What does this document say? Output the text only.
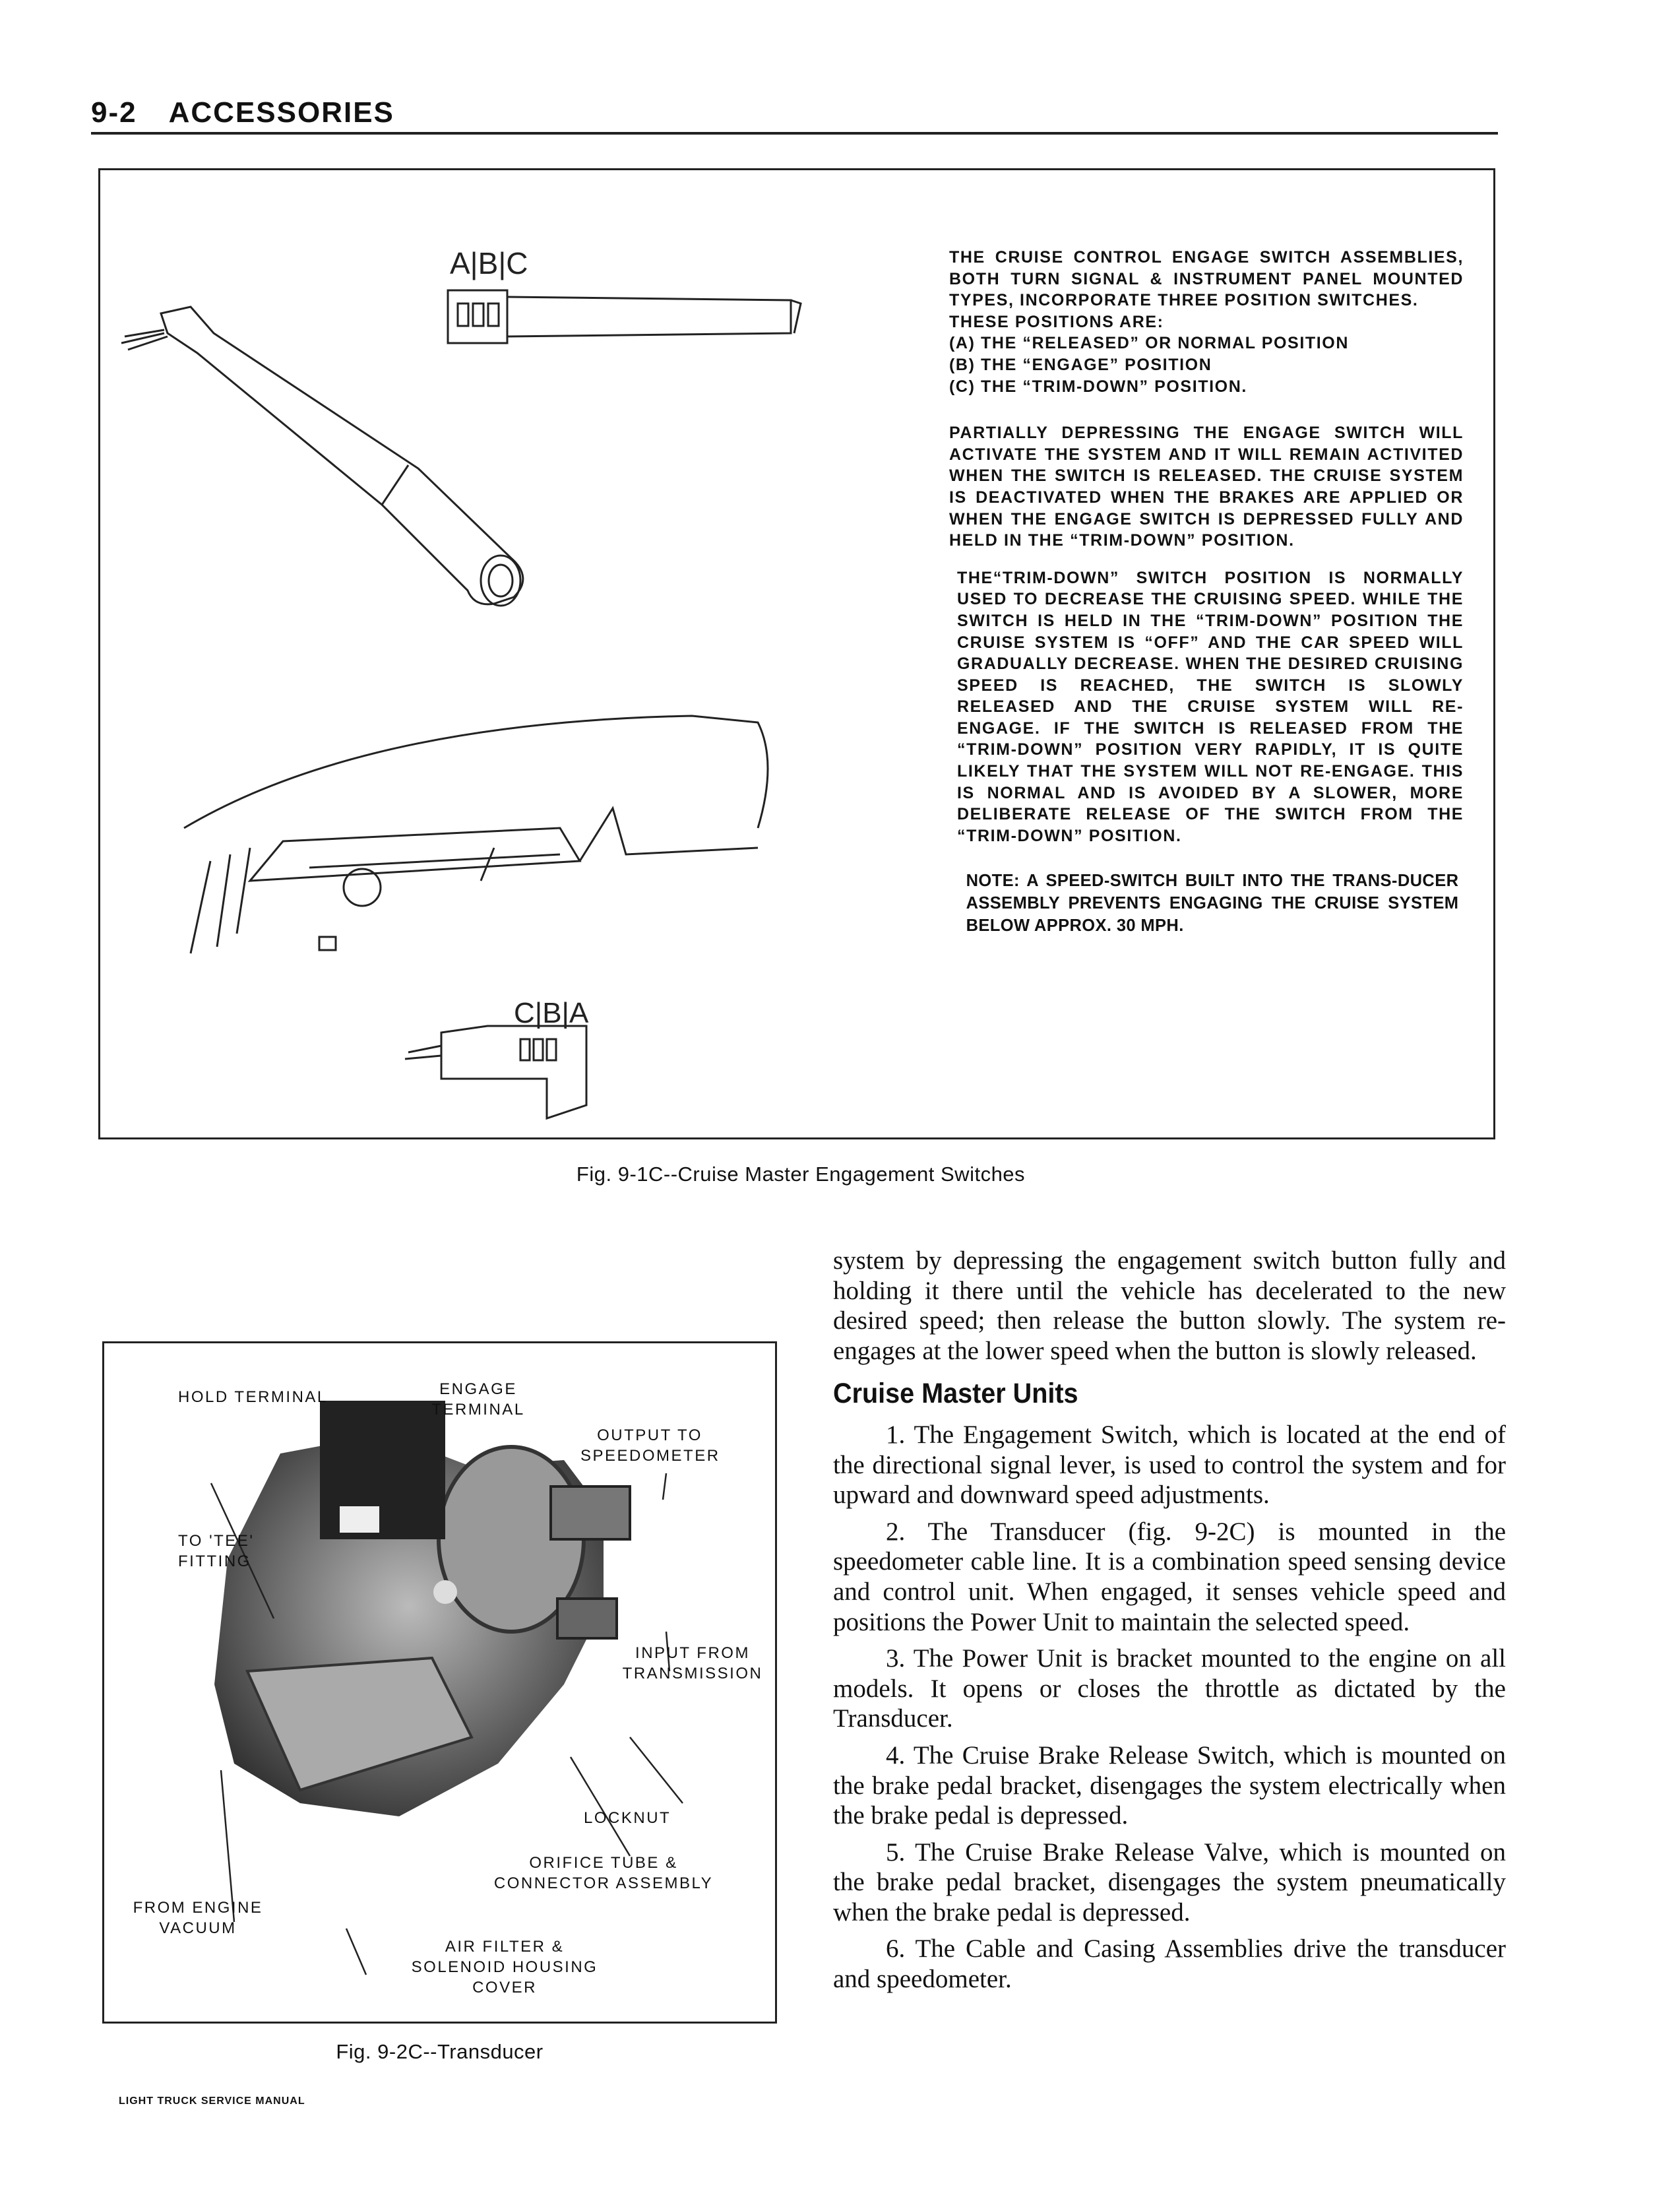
9-2 ACCESSORIES
A|B|C
C|B|A

THE CRUISE CONTROL ENGAGE SWITCH ASSEMBLIES, BOTH TURN SIGNAL & INSTRUMENT PANEL MOUNTED TYPES, INCORPORATE THREE POSITION SWITCHES.

THESE POSITIONS ARE:

(A) THE “RELEASED” OR NORMAL POSITION

(B) THE “ENGAGE” POSITION

(C) THE “TRIM-DOWN” POSITION.

PARTIALLY DEPRESSING THE ENGAGE SWITCH WILL ACTIVATE THE SYSTEM AND IT WILL REMAIN ACTIVITED WHEN THE SWITCH IS RELEASED. THE CRUISE SYSTEM IS DEACTIVATED WHEN THE BRAKES ARE APPLIED OR WHEN THE ENGAGE SWITCH IS DEPRESSED FULLY AND HELD IN THE “TRIM-DOWN” POSITION.

THE“TRIM-DOWN” SWITCH POSITION IS NORMALLY USED TO DECREASE THE CRUISING SPEED. WHILE THE SWITCH IS HELD IN THE “TRIM-DOWN” POSITION THE CRUISE SYSTEM IS “OFF” AND THE CAR SPEED WILL GRADUALLY DECREASE. WHEN THE DESIRED CRUISING SPEED IS REACHED, THE SWITCH IS SLOWLY RELEASED AND THE CRUISE SYSTEM WILL RE-ENGAGE. IF THE SWITCH IS RELEASED FROM THE “TRIM-DOWN” POSITION VERY RAPIDLY, IT IS QUITE LIKELY THAT THE SYSTEM WILL NOT RE-ENGAGE. THIS IS NORMAL AND IS AVOIDED BY A SLOWER, MORE DELIBERATE RELEASE OF THE SWITCH FROM THE “TRIM-DOWN” POSITION.

NOTE: A SPEED-SWITCH BUILT INTO THE TRANS-DUCER ASSEMBLY PREVENTS ENGAGING THE CRUISE SYSTEM BELOW APPROX. 30 MPH.

Fig. 9-1C--Cruise Master Engagement Switches
HOLD TERMINAL	ENGAGE TERMINAL
OUTPUT TO SPEEDOMETER
TO 'TEE' FITTING
INPUT FROM TRANSMISSION
LOCKNUT
ORIFICE TUBE & CONNECTOR ASSEMBLY
FROM ENGINE VACUUM
AIR FILTER & SOLENOID HOUSING COVER
Fig. 9-2C--Transducer

system by depressing the engagement switch button fully and holding it there until the vehicle has decelerated to the new desired speed; then release the button slowly. The system re-engages at the lower speed when the button is slowly released.

Cruise Master Units

1. The Engagement Switch, which is located at the end of the directional signal lever, is used to control the system and for upward and downward speed adjustments.

2. The Transducer (fig. 9-2C) is mounted in the speedometer cable line. It is a combination speed sensing device and control unit. When engaged, it senses vehicle speed and positions the Power Unit to maintain the selected speed.

3. The Power Unit is bracket mounted to the engine on all models. It opens or closes the throttle as dictated by the Transducer.

4. The Cruise Brake Release Switch, which is mounted on the brake pedal bracket, disengages the system electrically when the brake pedal is depressed.

5. The Cruise Brake Release Valve, which is mounted on the brake pedal bracket, disengages the system pneumatically when the brake pedal is depressed.

6. The Cable and Casing Assemblies drive the transducer and speedometer.

LIGHT TRUCK SERVICE MANUAL
